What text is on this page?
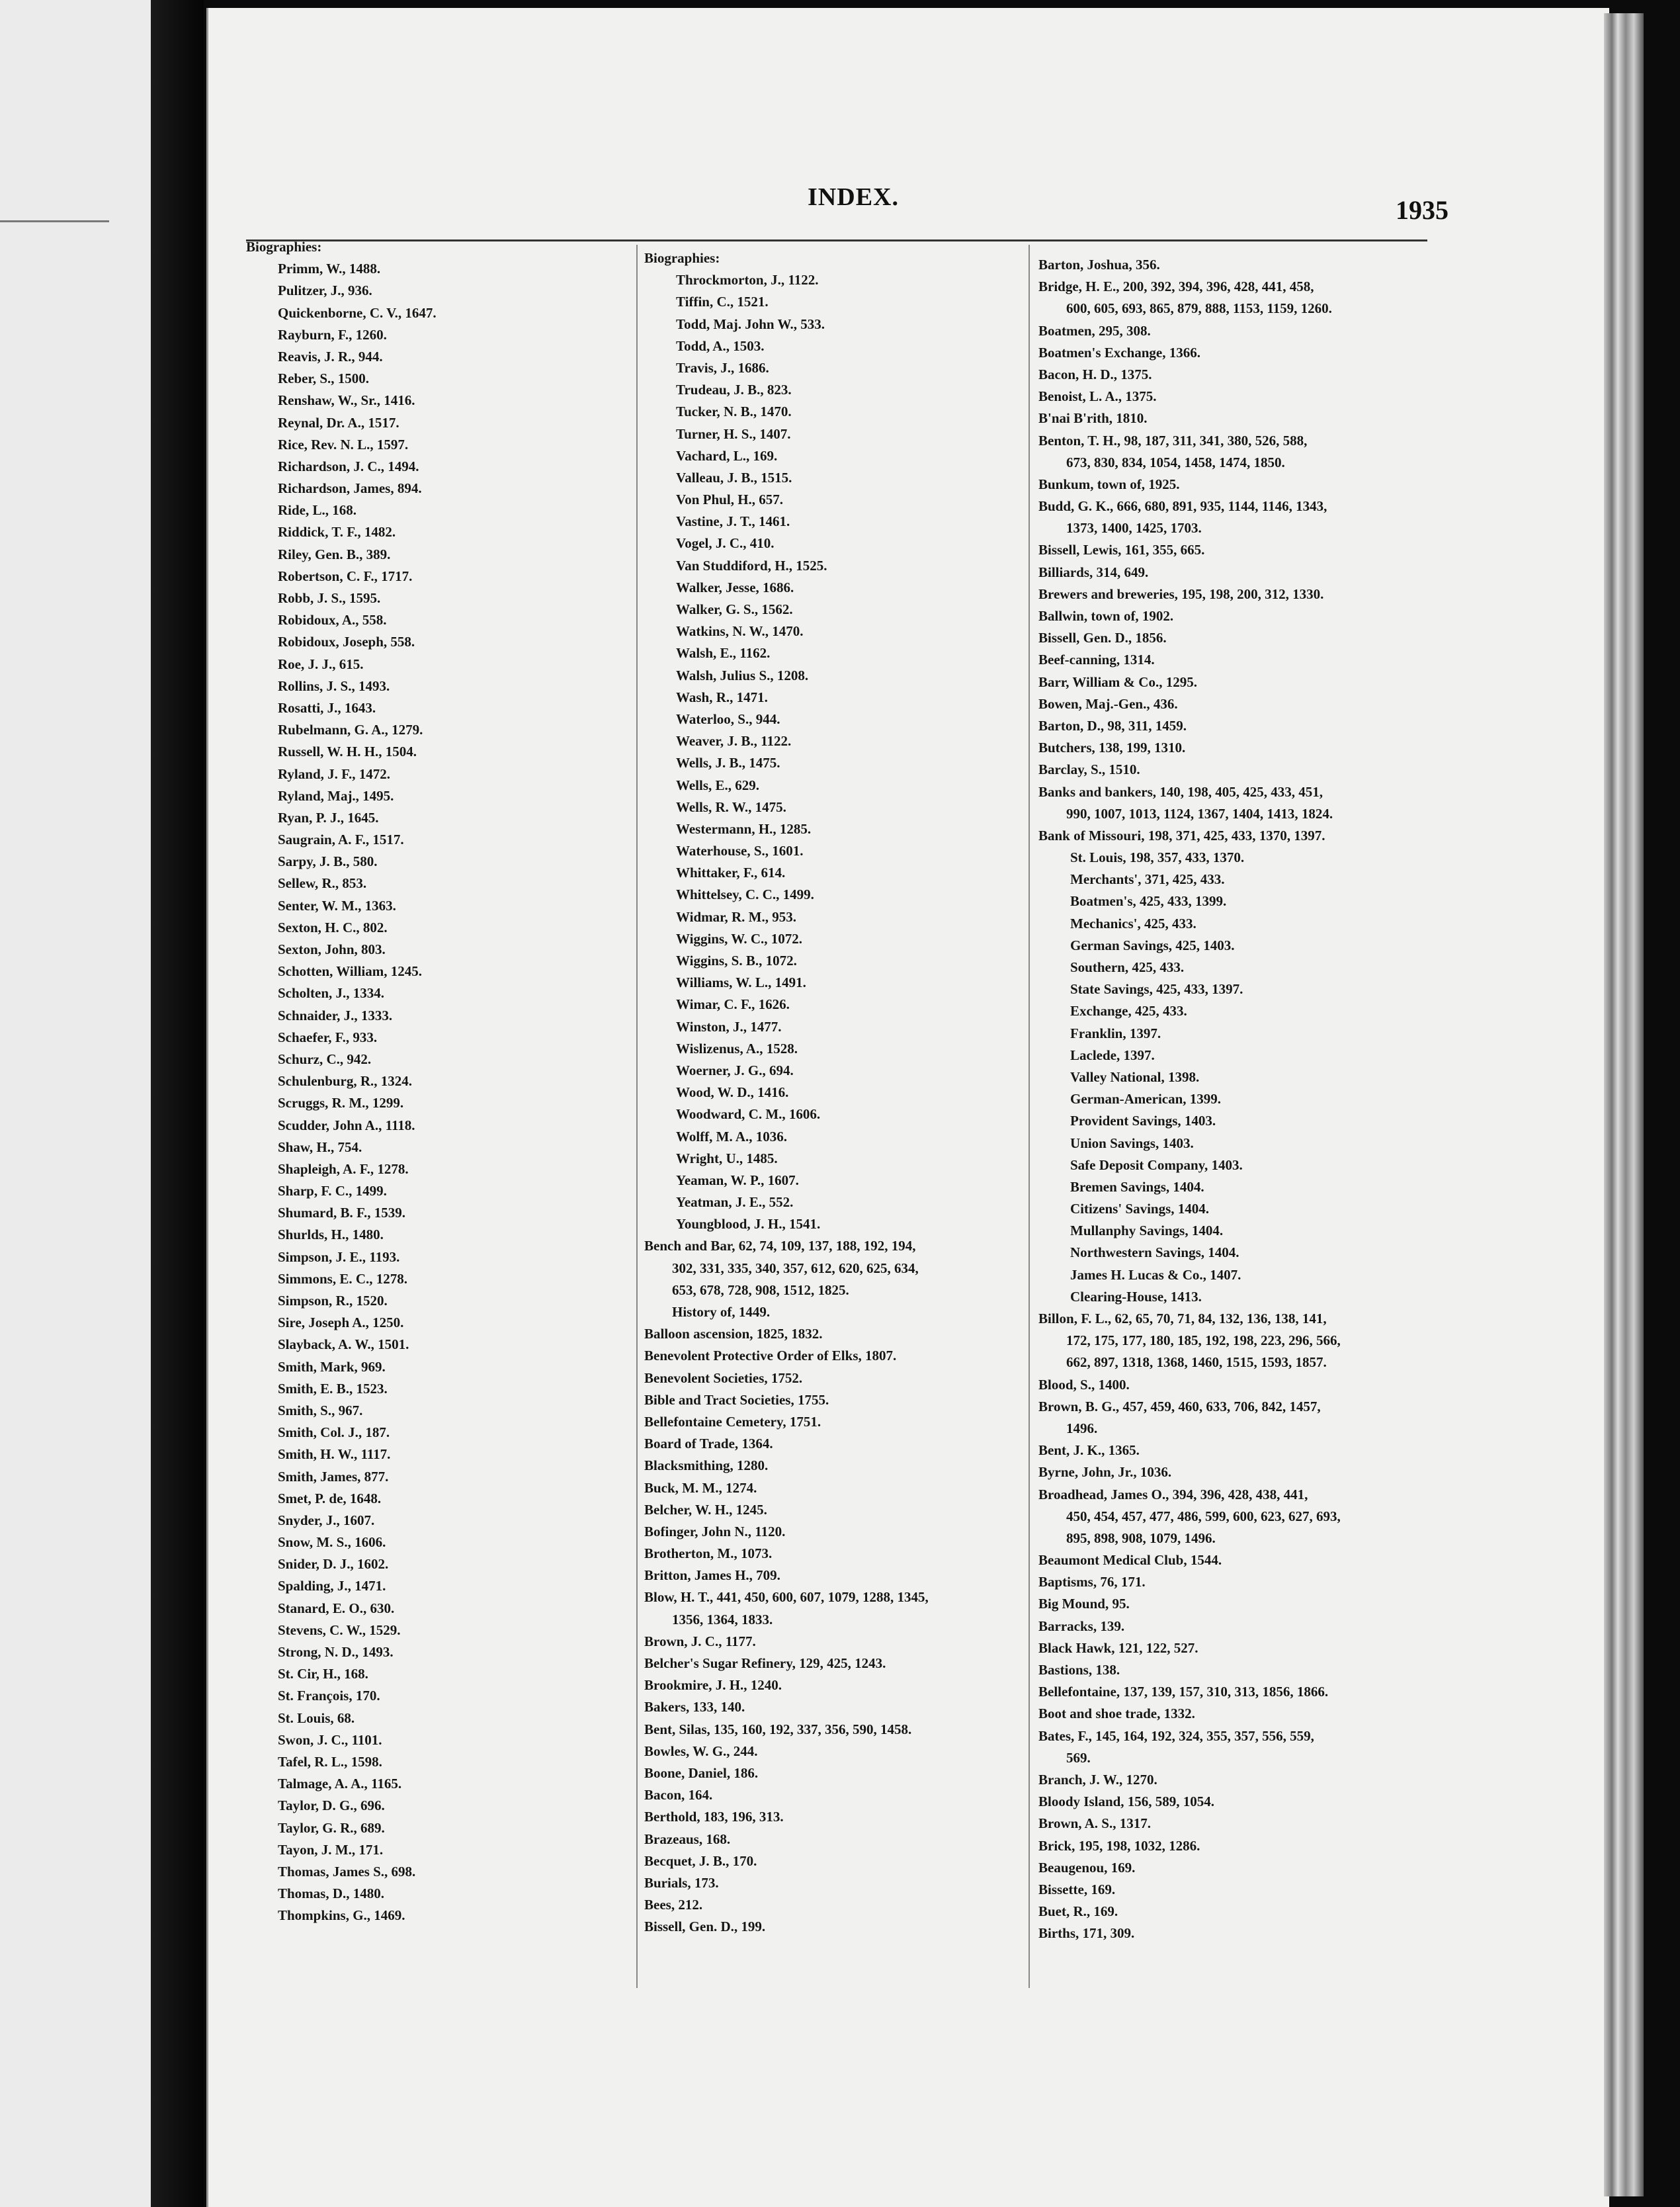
INDEX.	1935
Biographies:
Primm, W., 1488.
Pulitzer, J., 936.
Quickenborne, C. V., 1647.
Rayburn, F., 1260.
Reavis, J. R., 944.
Reber, S., 1500.
Renshaw, W., Sr., 1416.
Reynal, Dr. A., 1517.
Rice, Rev. N. L., 1597.
Richardson, J. C., 1494.
Richardson, James, 894.
Ride, L., 168.
Riddick, T. F., 1482.
Riley, Gen. B., 389.
Robertson, C. F., 1717.
Robb, J. S., 1595.
Robidoux, A., 558.
Robidoux, Joseph, 558.
Roe, J. J., 615.
Rollins, J. S., 1493.
Rosatti, J., 1643.
Rubelmann, G. A., 1279.
Russell, W. H. H., 1504.
Ryland, J. F., 1472.
Ryland, Maj., 1495.
Ryan, P. J., 1645.
Saugrain, A. F., 1517.
Sarpy, J. B., 580.
Sellew, R., 853.
Senter, W. M., 1363.
Sexton, H. C., 802.
Sexton, John, 803.
Schotten, William, 1245.
Scholten, J., 1334.
Schnaider, J., 1333.
Schaefer, F., 933.
Schurz, C., 942.
Schulenburg, R., 1324.
Scruggs, R. M., 1299.
Scudder, John A., 1118.
Shaw, H., 754.
Shapleigh, A. F., 1278.
Sharp, F. C., 1499.
Shumard, B. F., 1539.
Shurlds, H., 1480.
Simpson, J. E., 1193.
Simmons, E. C., 1278.
Simpson, R., 1520.
Sire, Joseph A., 1250.
Slayback, A. W., 1501.
Smith, Mark, 969.
Smith, E. B., 1523.
Smith, S., 967.
Smith, Col. J., 187.
Smith, H. W., 1117.
Smith, James, 877.
Smet, P. de, 1648.
Snyder, J., 1607.
Snow, M. S., 1606.
Snider, D. J., 1602.
Spalding, J., 1471.
Stanard, E. O., 630.
Stevens, C. W., 1529.
Strong, N. D., 1493.
St. Cir, H., 168.
St. François, 170.
St. Louis, 68.
Swon, J. C., 1101.
Tafel, R. L., 1598.
Talmage, A. A., 1165.
Taylor, D. G., 696.
Taylor, G. R., 689.
Tayon, J. M., 171.
Thomas, James S., 698.
Thomas, D., 1480.
Thompkins, G., 1469.
Biographies:
Throckmorton, J., 1122.
Tiffin, C., 1521.
Todd, Maj. John W., 533.
Todd, A., 1503.
Travis, J., 1686.
Trudeau, J. B., 823.
Tucker, N. B., 1470.
Turner, H. S., 1407.
Vachard, L., 169.
Valleau, J. B., 1515.
Von Phul, H., 657.
Vastine, J. T., 1461.
Vogel, J. C., 410.
Van Studdiford, H., 1525.
Walker, Jesse, 1686.
Walker, G. S., 1562.
Watkins, N. W., 1470.
Walsh, E., 1162.
Walsh, Julius S., 1208.
Wash, R., 1471.
Waterloo, S., 944.
Weaver, J. B., 1122.
Wells, J. B., 1475.
Wells, E., 629.
Wells, R. W., 1475.
Westermann, H., 1285.
Waterhouse, S., 1601.
Whittaker, F., 614.
Whittelsey, C. C., 1499.
Widmar, R. M., 953.
Wiggins, W. C., 1072.
Wiggins, S. B., 1072.
Williams, W. L., 1491.
Wimar, C. F., 1626.
Winston, J., 1477.
Wislizenus, A., 1528.
Woerner, J. G., 694.
Wood, W. D., 1416.
Woodward, C. M., 1606.
Wolff, M. A., 1036.
Wright, U., 1485.
Yeaman, W. P., 1607.
Yeatman, J. E., 552.
Youngblood, J. H., 1541.
Bench and Bar, 62, 74, 109, 137, 188, 192, 194,
302, 331, 335, 340, 357, 612, 620, 625, 634,
653, 678, 728, 908, 1512, 1825.
History of, 1449.
Balloon ascension, 1825, 1832.
Benevolent Protective Order of Elks, 1807.
Benevolent Societies, 1752.
Bible and Tract Societies, 1755.
Bellefontaine Cemetery, 1751.
Board of Trade, 1364.
Blacksmithing, 1280.
Buck, M. M., 1274.
Belcher, W. H., 1245.
Bofinger, John N., 1120.
Brotherton, M., 1073.
Britton, James H., 709.
Blow, H. T., 441, 450, 600, 607, 1079, 1288, 1345,
1356, 1364, 1833.
Brown, J. C., 1177.
Belcher's Sugar Refinery, 129, 425, 1243.
Brookmire, J. H., 1240.
Bakers, 133, 140.
Bent, Silas, 135, 160, 192, 337, 356, 590, 1458.
Bowles, W. G., 244.
Boone, Daniel, 186.
Bacon, 164.
Berthold, 183, 196, 313.
Brazeaus, 168.
Becquet, J. B., 170.
Burials, 173.
Bees, 212.
Bissell, Gen. D., 199.
Barton, Joshua, 356.
Bridge, H. E., 200, 392, 394, 396, 428, 441, 458,
600, 605, 693, 865, 879, 888, 1153, 1159, 1260.
Boatmen, 295, 308.
Boatmen's Exchange, 1366.
Bacon, H. D., 1375.
Benoist, L. A., 1375.
B'nai B'rith, 1810.
Benton, T. H., 98, 187, 311, 341, 380, 526, 588,
673, 830, 834, 1054, 1458, 1474, 1850.
Bunkum, town of, 1925.
Budd, G. K., 666, 680, 891, 935, 1144, 1146, 1343,
1373, 1400, 1425, 1703.
Bissell, Lewis, 161, 355, 665.
Billiards, 314, 649.
Brewers and breweries, 195, 198, 200, 312, 1330.
Ballwin, town of, 1902.
Bissell, Gen. D., 1856.
Beef-canning, 1314.
Barr, William & Co., 1295.
Bowen, Maj.-Gen., 436.
Barton, D., 98, 311, 1459.
Butchers, 138, 199, 1310.
Barclay, S., 1510.
Banks and bankers, 140, 198, 405, 425, 433, 451,
990, 1007, 1013, 1124, 1367, 1404, 1413, 1824.
Bank of Missouri, 198, 371, 425, 433, 1370, 1397.
St. Louis, 198, 357, 433, 1370.
Merchants', 371, 425, 433.
Boatmen's, 425, 433, 1399.
Mechanics', 425, 433.
German Savings, 425, 1403.
Southern, 425, 433.
State Savings, 425, 433, 1397.
Exchange, 425, 433.
Franklin, 1397.
Laclede, 1397.
Valley National, 1398.
German-American, 1399.
Provident Savings, 1403.
Union Savings, 1403.
Safe Deposit Company, 1403.
Bremen Savings, 1404.
Citizens' Savings, 1404.
Mullanphy Savings, 1404.
Northwestern Savings, 1404.
James H. Lucas & Co., 1407.
Clearing-House, 1413.
Billon, F. L., 62, 65, 70, 71, 84, 132, 136, 138, 141,
172, 175, 177, 180, 185, 192, 198, 223, 296, 566,
662, 897, 1318, 1368, 1460, 1515, 1593, 1857.
Blood, S., 1400.
Brown, B. G., 457, 459, 460, 633, 706, 842, 1457,
1496.
Bent, J. K., 1365.
Byrne, John, Jr., 1036.
Broadhead, James O., 394, 396, 428, 438, 441,
450, 454, 457, 477, 486, 599, 600, 623, 627, 693,
895, 898, 908, 1079, 1496.
Beaumont Medical Club, 1544.
Baptisms, 76, 171.
Big Mound, 95.
Barracks, 139.
Black Hawk, 121, 122, 527.
Bastions, 138.
Bellefontaine, 137, 139, 157, 310, 313, 1856, 1866.
Boot and shoe trade, 1332.
Bates, F., 145, 164, 192, 324, 355, 357, 556, 559,
569.
Branch, J. W., 1270.
Bloody Island, 156, 589, 1054.
Brown, A. S., 1317.
Brick, 195, 198, 1032, 1286.
Beaugenou, 169.
Bissette, 169.
Buet, R., 169.
Births, 171, 309.
